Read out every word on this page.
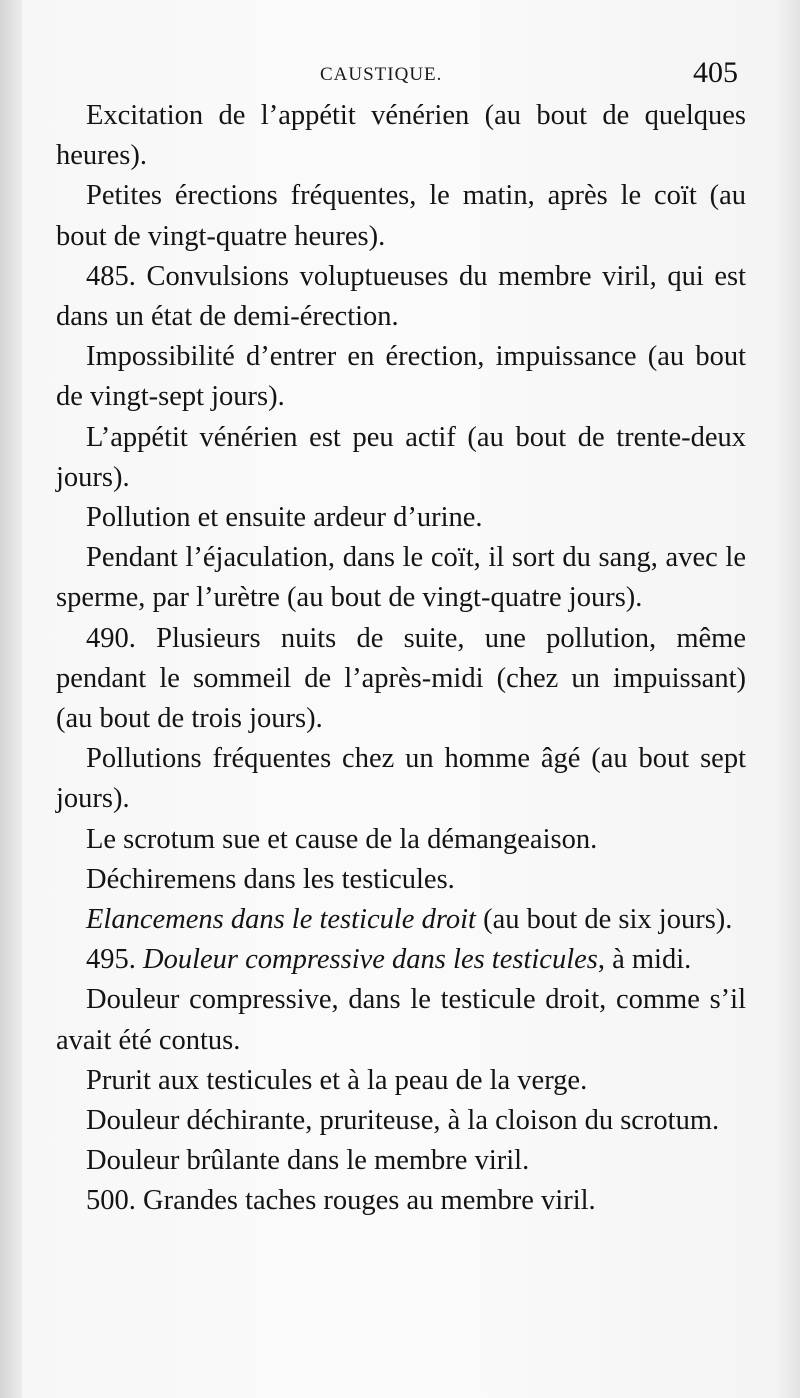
CAUSTIQUE.	405

Excitation de l’appétit vénérien (au bout de quelques heures).

Petites érections fréquentes, le matin, après le coït (au bout de vingt-quatre heures).

485. Convulsions voluptueuses du membre viril, qui est dans un état de demi-érection.

Impossibilité d’entrer en érection, impuissance (au bout de vingt-sept jours).

L’appétit vénérien est peu actif (au bout de trente-deux jours).

Pollution et ensuite ardeur d’urine.

Pendant l’éjaculation, dans le coït, il sort du sang, avec le sperme, par l’urètre (au bout de vingt-quatre jours).

490. Plusieurs nuits de suite, une pollution, même pendant le sommeil de l’après-midi (chez un impuissant) (au bout de trois jours).

Pollutions fréquentes chez un homme âgé (au bout sept jours).

Le scrotum sue et cause de la démangeaison.

Déchiremens dans les testicules.

Elancemens dans le testicule droit (au bout de six jours).

495. Douleur compressive dans les testicules, à midi.

Douleur compressive, dans le testicule droit, comme s’il avait été contus.

Prurit aux testicules et à la peau de la verge.

Douleur déchirante, pruriteuse, à la cloison du scrotum.

Douleur brûlante dans le membre viril.

500. Grandes taches rouges au membre viril.
